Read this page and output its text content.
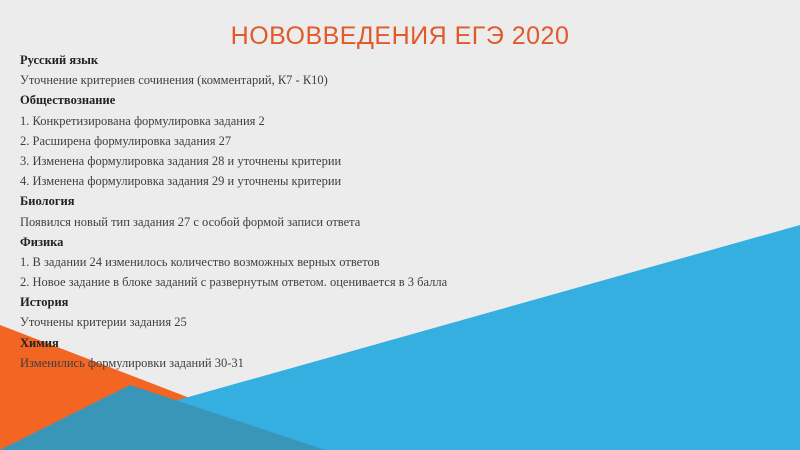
НОВОВВЕДЕНИЯ ЕГЭ 2020
Русский язык
Уточнение критериев сочинения (комментарий, К7 - К10)
Обществознание
1. Конкретизирована формулировка задания 2
2. Расширена формулировка задания 27
3. Изменена формулировка задания 28 и уточнены критерии
4. Изменена формулировка задания 29 и уточнены критерии
Биология
Появился новый тип задания 27 с особой формой записи ответа
Физика
1. В задании 24 изменилось количество возможных верных ответов
2. Новое задание в блоке заданий с развернутым ответом. оценивается в 3 балла
История
Уточнены критерии задания 25
Химия
Изменились формулировки заданий 30-31
